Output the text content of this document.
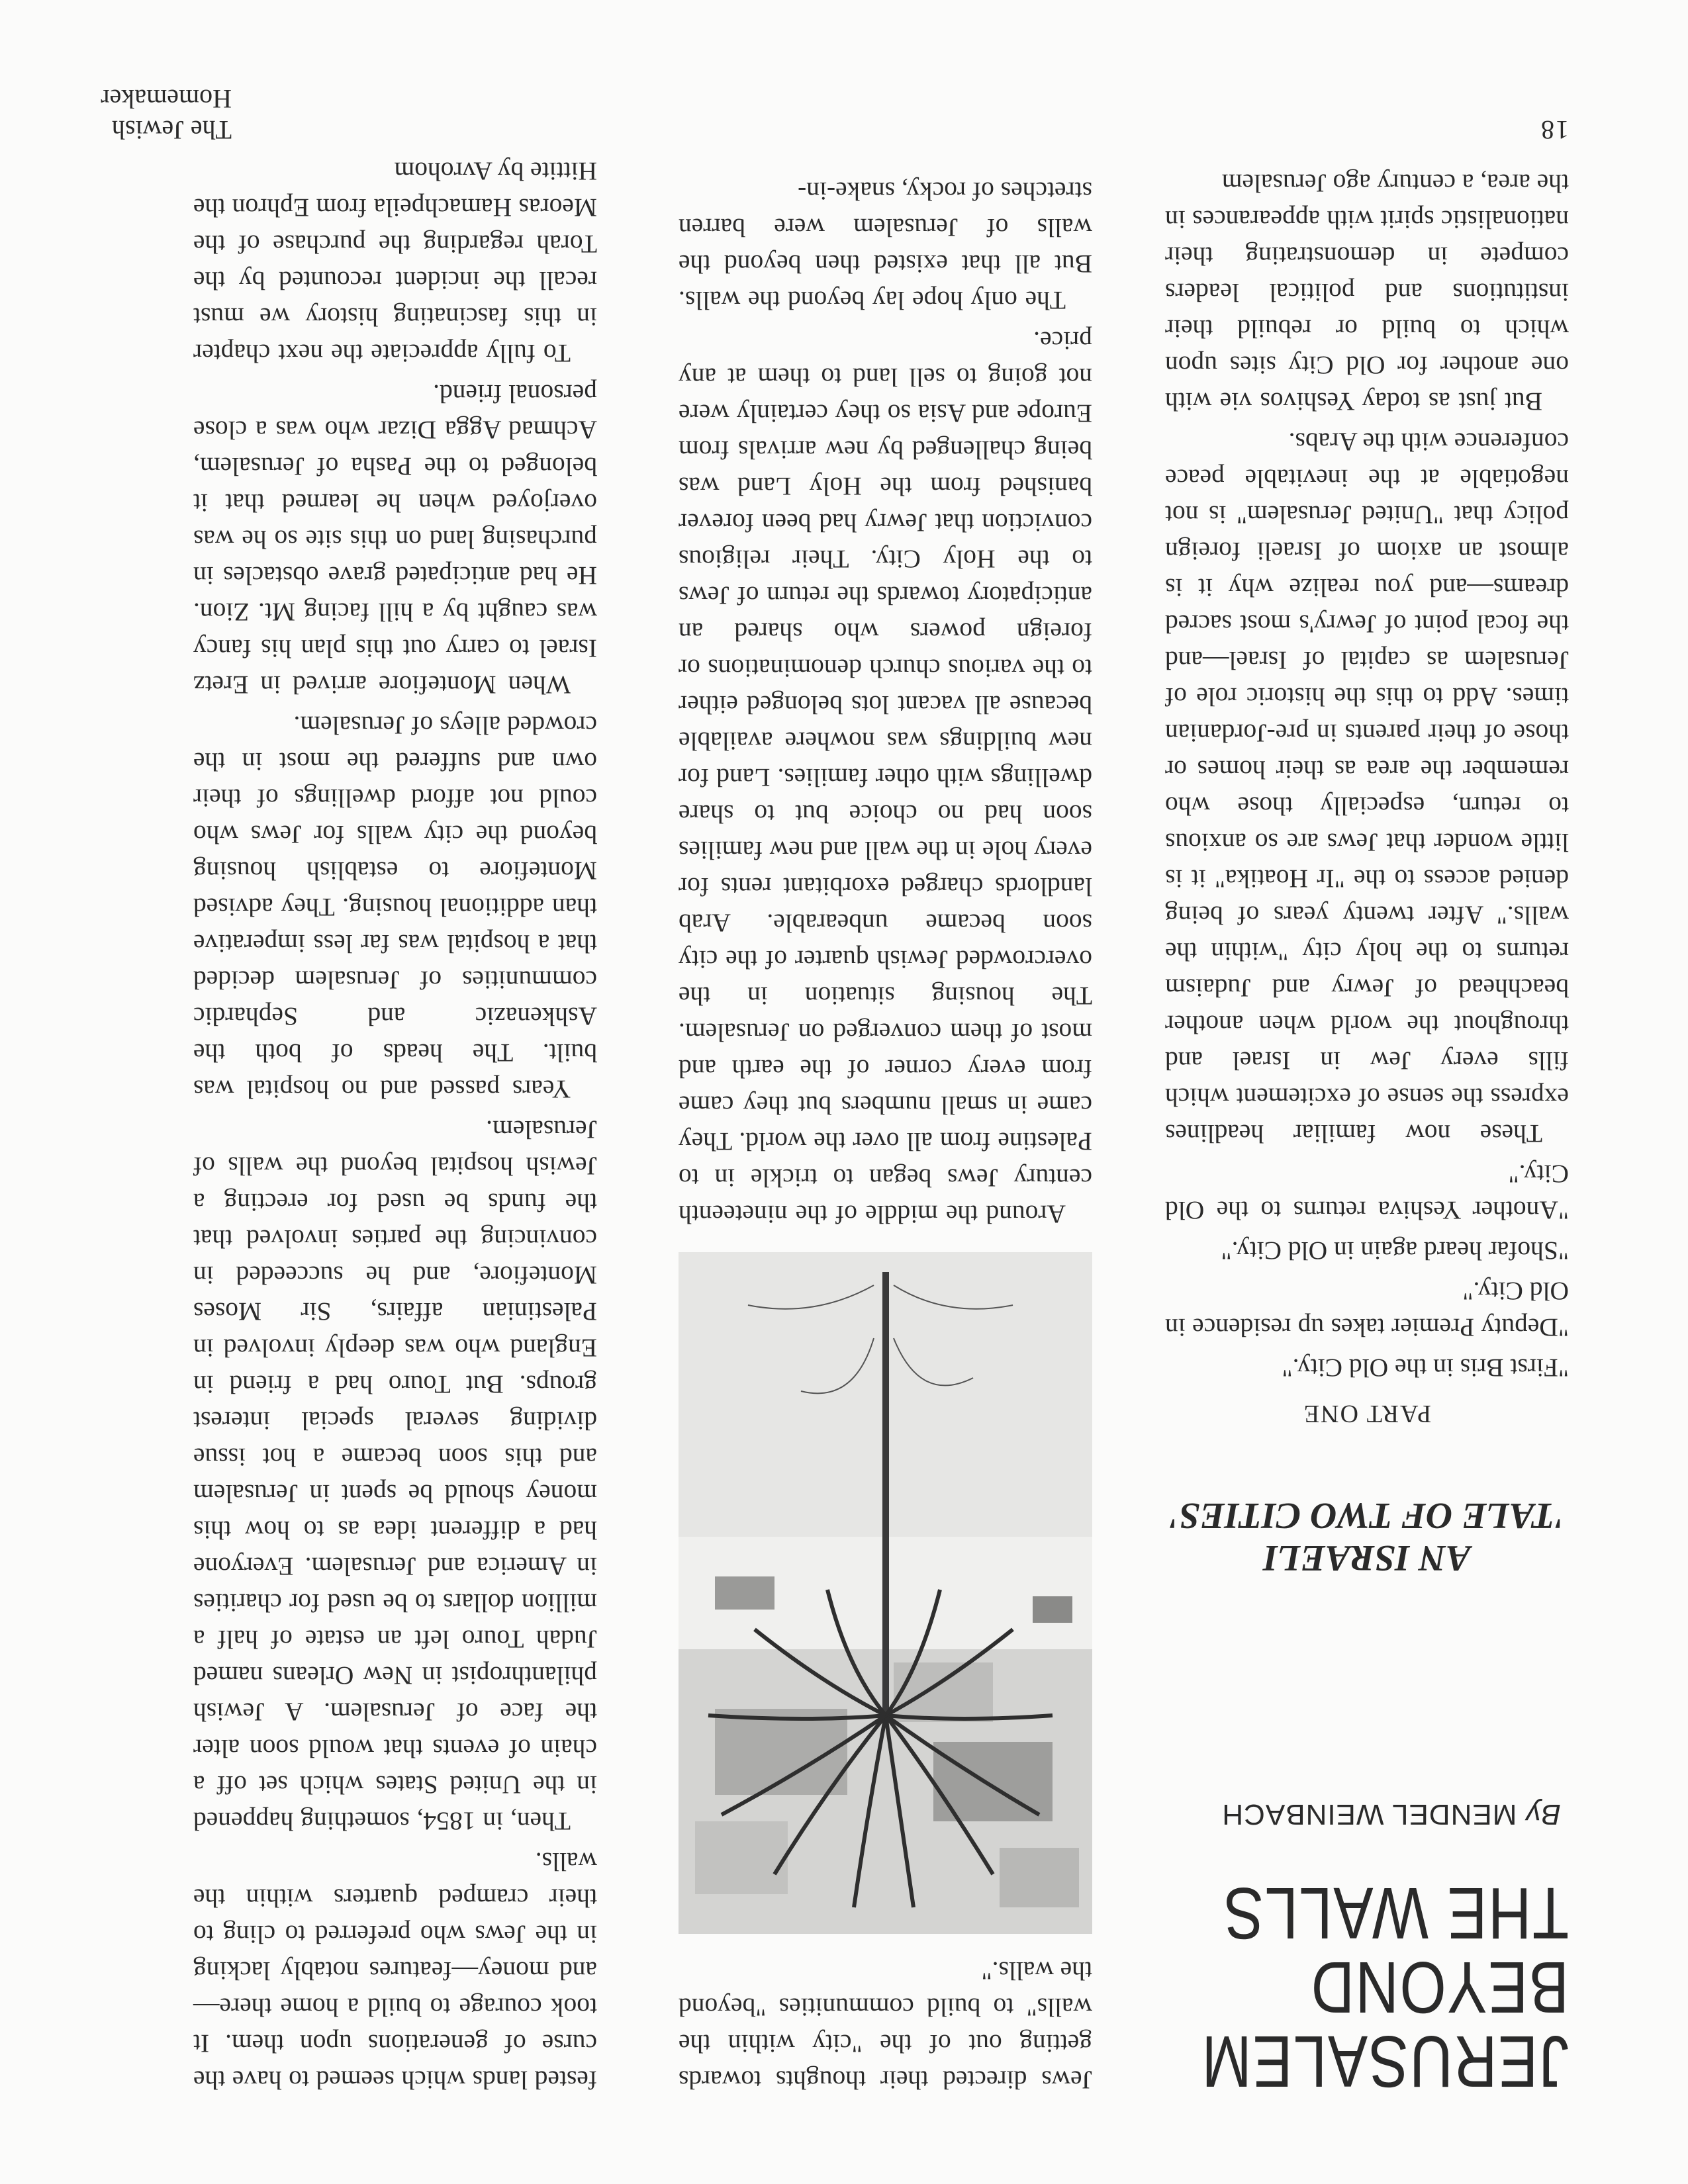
JERUSALEM
BEYOND
THE WALLS
By MENDEL WEINBACH
AN ISRAELI
'TALE OF TWO CITIES'
PART ONE

"First Bris in the Old City."

"Deputy Premier takes up residence in Old City."

"Shofar heard again in Old City."

"Another Yeshiva returns to the Old City."

These now familiar headlines express the sense of excitement which fills every Jew in Israel and throughout the world when another beachhead of Jewry and Judaism returns to the holy city "within the walls." After twenty years of being denied access to the "Ir Hoatika" it is little wonder that Jews are so anxious to return, especially those who remember the area as their homes or those of their parents in pre-Jordanian times. Add to this the historic role of Jerusalem as capital of Israel—and the focal point of Jewry's most sacred dreams—and you realize why it is almost an axiom of Israeli foreign policy that "United Jerusalem" is not negotiable at the inevitable peace conference with the Arabs.

But just as today Yeshivos vie with one another for Old City sites upon which to build or rebuild their institutions and political leaders compete in demonstrating their nationalistic spirit with appearances in the area, a century ago Jerusalem

Jews directed their thoughts towards getting out of the "city within the walls" to build communities "beyond the walls."

Around the middle of the nineteenth century Jews began to trickle in to Palestine from all over the world. They came in small numbers but they came from every corner of the earth and most of them converged on Jerusalem. The housing situation in the overcrowded Jewish quarter of the city soon became unbearable. Arab landlords charged exorbitant rents for every hole in the wall and new families soon had no choice but to share dwellings with other families. Land for new buildings was nowhere available because all vacant lots belonged either to the various church denominations or foreign powers who shared an anticipatory towards the return of Jews to the Holy City. Their religious conviction that Jewry had been forever banished from the Holy Land was being challenged by new arrivals from Europe and Asia so they certainly were not going to sell land to them at any price.

The only hope lay beyond the walls. But all that existed then beyond the walls of Jerusalem were barren stretches of rocky, snake-in-

fested lands which seemed to have the curse of generations upon them. It took courage to build a home there—and money—features notably lacking in the Jews who preferred to cling to their cramped quarters within the walls.

Then, in 1854, something happened in the United States which set off a chain of events that would soon alter the face of Jerusalem. A Jewish philanthropist in New Orleans named Judah Touro left an estate of half a million dollars to be used for charities in America and Jerusalem. Everyone had a different idea as to how this money should be spent in Jerusalem and this soon became a hot issue dividing several special interest groups. But Touro had a friend in England who was deeply involved in Palestinian affairs, Sir Moses Montefiore, and he succeeded in convincing the parties involved that the funds be used for erecting a Jewish hospital beyond the walls of Jerusalem.

Years passed and no hospital was built. The heads of both the Ashkenazic and Sephardic communities of Jerusalem decided that a hospital was far less imperative than additional housing. They advised Montefiore to establish housing beyond the city walls for Jews who could not afford dwellings of their own and suffered the most in the crowded alleys of Jerusalem.

When Montefiore arrived in Eretz Israel to carry out this plan his fancy was caught by a hill facing Mt. Zion. He had anticipated grave obstacles in purchasing land on this site so he was overjoyed when he learned that it belonged to the Pasha of Jerusalem, Achmad Agga Dizar who was a close personal friend.

To fully appreciate the next chapter in this fascinating history we must recall the incident recounted by the Torah regarding the purchase of the Meoras Hamachpeila from Ephron the Hittite by Avrohom

18
The Jewish Homemaker
